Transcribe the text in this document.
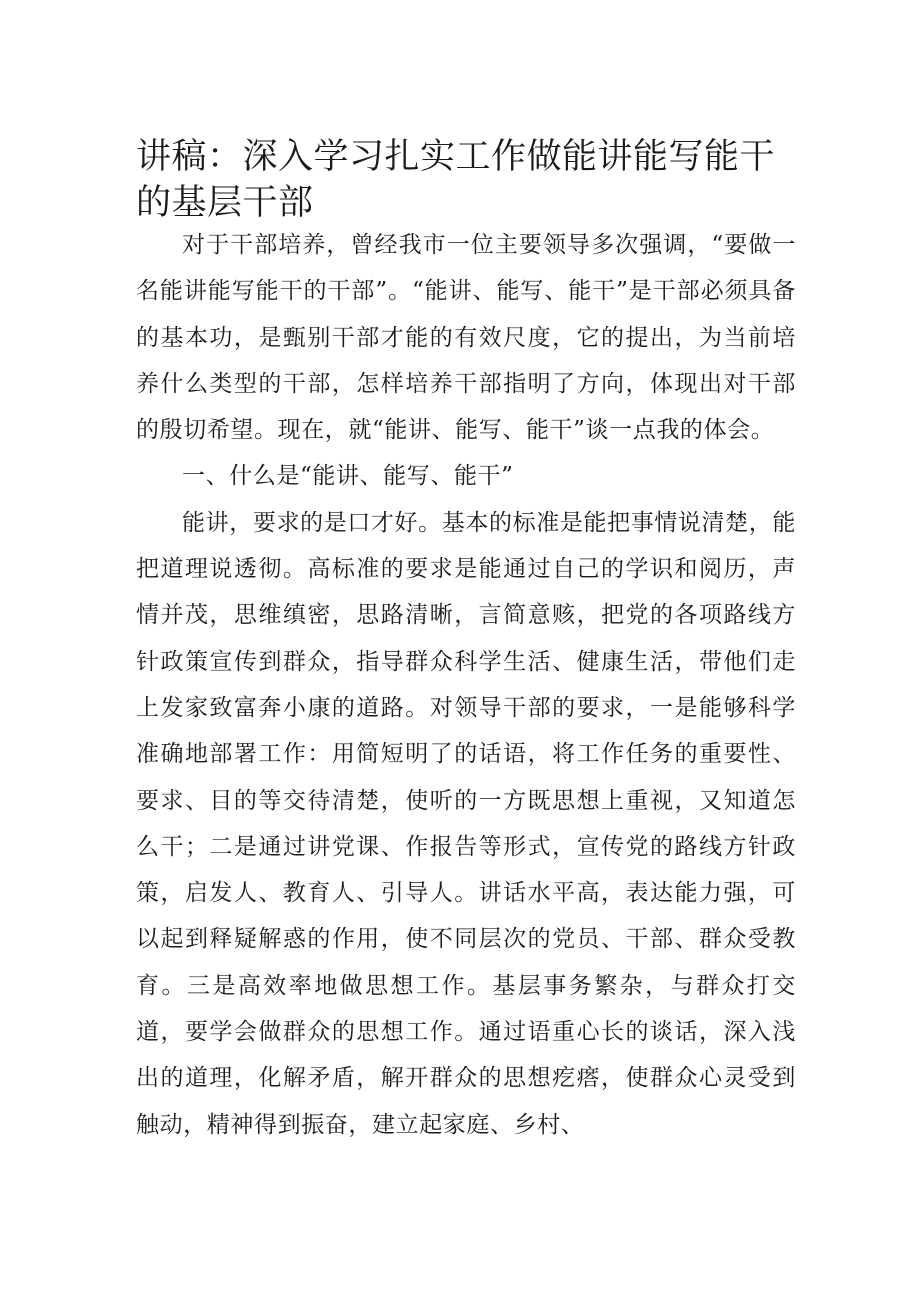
讲稿：深入学习扎实工作做能讲能写能干的基层干部

对于干部培养，曾经我市一位主要领导多次强调，“要做一名能讲能写能干的干部”。“能讲、能写、能干”是干部必须具备的基本功，是甄别干部才能的有效尺度，它的提出，为当前培养什么类型的干部，怎样培养干部指明了方向，体现出对干部的殷切希望。现在，就“能讲、能写、能干”谈一点我的体会。

一、什么是“能讲、能写、能干”

能讲，要求的是口才好。基本的标准是能把事情说清楚，能把道理说透彻。高标准的要求是能通过自己的学识和阅历，声情并茂，思维缜密，思路清晰，言简意赅，把党的各项路线方针政策宣传到群众，指导群众科学生活、健康生活，带他们走上发家致富奔小康的道路。对领导干部的要求，一是能够科学准确地部署工作：用简短明了的话语，将工作任务的重要性、要求、目的等交待清楚，使听的一方既思想上重视，又知道怎么干；二是通过讲党课、作报告等形式，宣传党的路线方针政策，启发人、教育人、引导人。讲话水平高，表达能力强，可以起到释疑解惑的作用，使不同层次的党员、干部、群众受教育。三是高效率地做思想工作。基层事务繁杂，与群众打交道，要学会做群众的思想工作。通过语重心长的谈话，深入浅出的道理，化解矛盾，解开群众的思想疙瘩，使群众心灵受到触动，精神得到振奋，建立起家庭、乡村、
